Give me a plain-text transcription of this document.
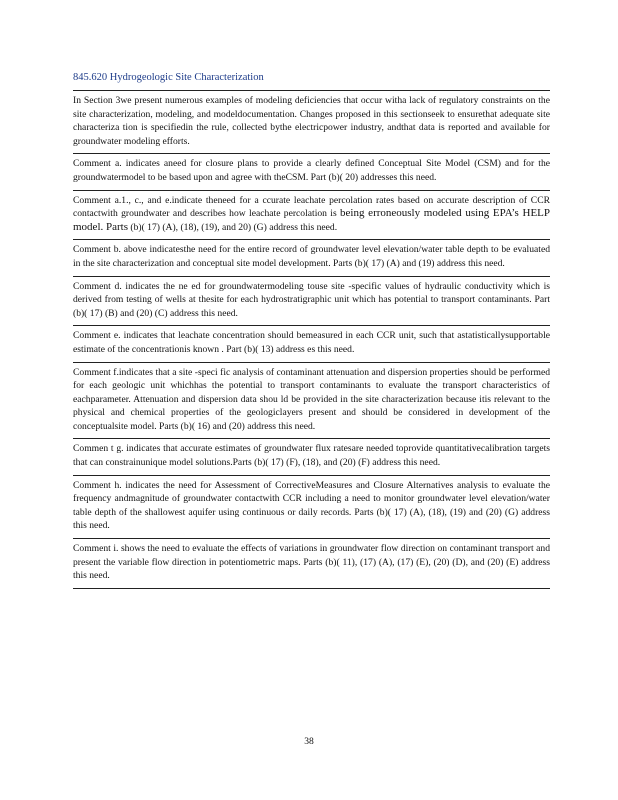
845.620 Hydrogeologic Site Characterization

In Section 3we present numerous examples of modeling deficiencies that occur witha lack of regulatory constraints on the site characterization, modeling, and modeldocumentation. Changes proposed in this sectionseek to ensurethat adequate site characteriza tion is specifiedin the rule, collected bythe electricpower industry, andthat data is reported and available for groundwater modeling efforts.

Comment a. indicates aneed for closure plans to provide a clearly defined Conceptual Site Model (CSM) and for the groundwatermodel to be based upon and agree with theCSM. Part (b)( 20) addresses this need.

Comment a.1., c., and e.indicate theneed for a ccurate leachate percolation rates based on accurate description of CCR contactwith groundwater and describes how leachate percolation is being erroneously modeled using EPA’s HELP model. Parts (b)( 17) (A), (18), (19), and 20) (G) address this need.

Comment b. above indicatesthe need for the entire record of groundwater level elevation/water table depth to be evaluated in the site characterization and conceptual site model development. Parts (b)( 17) (A) and (19) address this need.

Comment d. indicates the ne ed for groundwatermodeling touse site -specific values of hydraulic conductivity which is derived from testing of wells at thesite for each hydrostratigraphic unit which has potential to transport contaminants. Part (b)( 17) (B) and (20) (C) address this need.

Comment e. indicates that leachate concentration should bemeasured in each CCR unit, such that astatisticallysupportable estimate of the concentrationis known . Part (b)( 13) address es this need.

Comment f.indicates that a site -speci fic analysis of contaminant attenuation and dispersion properties should be performed for each geologic unit whichhas the potential to transport contaminants to evaluate the transport characteristics of eachparameter. Attenuation and dispersion data shou ld be provided in the site characterization because itis relevant to the physical and chemical properties of the geologiclayers present and should be considered in development of the conceptualsite model. Parts (b)( 16) and (20) address this need.

Commen t g. indicates that accurate estimates of groundwater flux ratesare needed toprovide quantitativecalibration targets that can constrainunique model solutions.Parts (b)( 17) (F), (18), and (20) (F) address this need.

Comment h. indicates the need for Assessment of CorrectiveMeasures and Closure Alternatives analysis to evaluate the frequency andmagnitude of groundwater contactwith CCR including a need to monitor groundwater level elevation/water table depth of the shallowest aquifer using continuous or daily records. Parts (b)( 17) (A), (18), (19) and (20) (G) address this need.

Comment i. shows the need to evaluate the effects of variations in groundwater flow direction on contaminant transport and present the variable flow direction in potentiometric maps. Parts (b)( 11), (17) (A), (17) (E), (20) (D), and (20) (E) address this need.

38
